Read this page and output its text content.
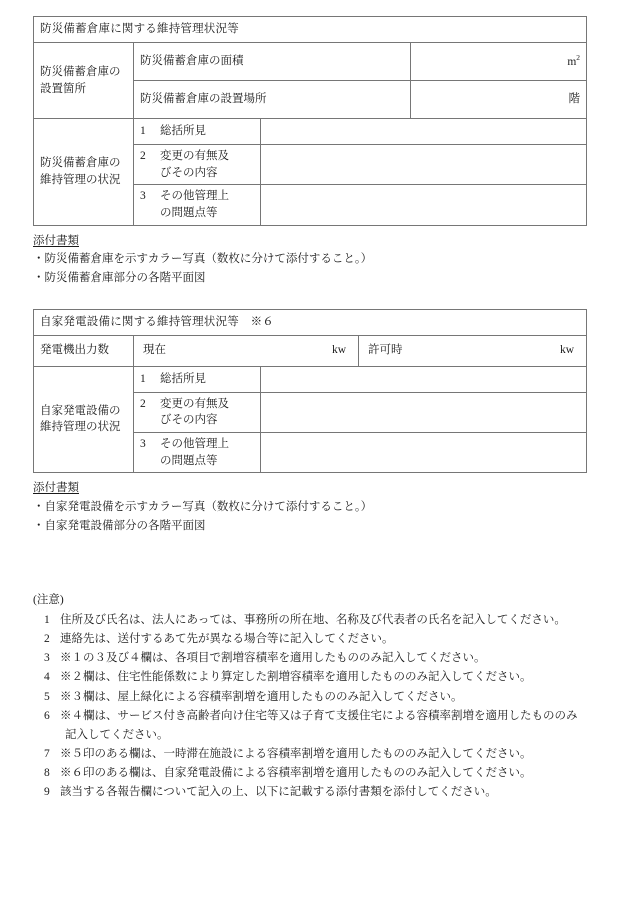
防災備蓄倉庫に関する維持管理状況等			
防災備蓄倉庫の
設置箇所	防災備蓄倉庫の面積		$m^2$
	防災備蓄倉庫の設置場所		階
防災備蓄倉庫の
維持管理の状況	1 総括所見		
	2 変更の有無及
びその内容		

	3 その他管理上
の問題点等		

添付書類
・防災備蓄倉庫を示すカラー写真（数枚に分けて添付すること。）
・防災備蓄倉庫部分の各階平面図
自家発電設備に関する維持管理状況等　※６			
発電機出力数	現在 kw		許可時 kw

自家発電設備の
維持管理の状況	1 総括所見		
	2 変更の有無及
びその内容		

	3 その他管理上
の問題点等		

添付書類
・自家発電設備を示すカラー写真（数枚に分けて添付すること。）
・自家発電設備部分の各階平面図
(注意)
1 住所及び氏名は、法人にあっては、事務所の所在地、名称及び代表者の氏名を記入してください。
2 連絡先は、送付するあて先が異なる場合等に記入してください。
3 ※１の３及び４欄は、各項目で割増容積率を適用したもののみ記入してください。
4 ※２欄は、住宅性能係数により算定した割増容積率を適用したもののみ記入してください。
5 ※３欄は、屋上緑化による容積率割増を適用したもののみ記入してください。
6 ※４欄は、サービス付き高齢者向け住宅等又は子育て支援住宅による容積率割増を適用したもののみ
記入してください。
7 ※５印のある欄は、一時滞在施設による容積率割増を適用したもののみ記入してください。
8 ※６印のある欄は、自家発電設備による容積率割増を適用したもののみ記入してください。
9 該当する各報告欄について記入の上、以下に記載する添付書類を添付してください。
